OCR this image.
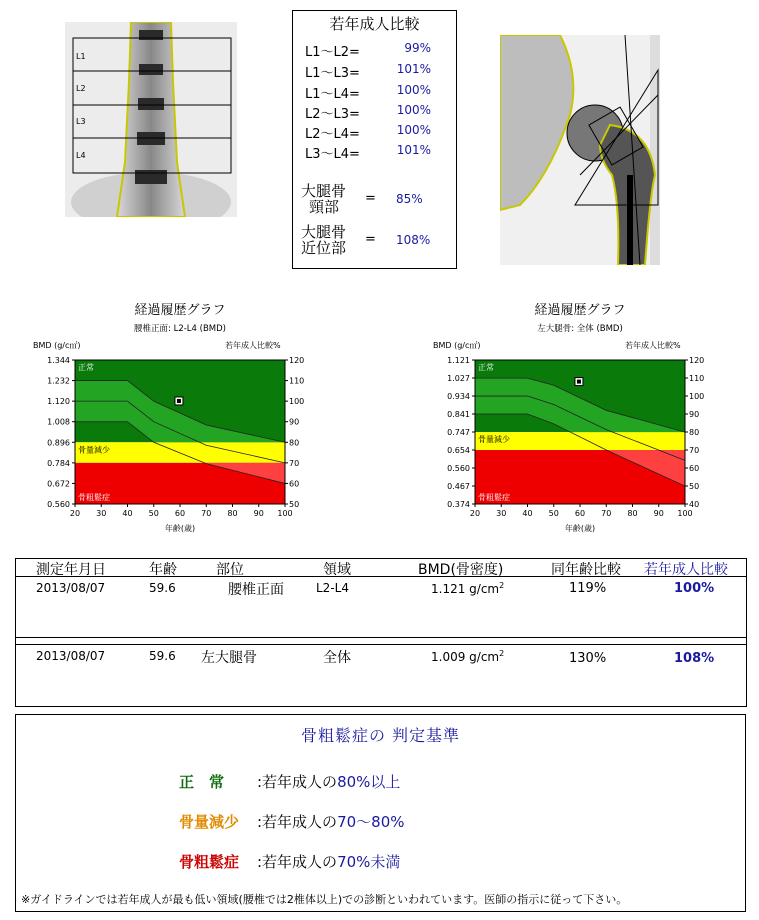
L1
L2
L3
L4
若年成人比較
L1～L2=	99%
L1～L3=	101%
L1～L4=	100%
L2～L3=	100%
L2～L4=	100%
L3～L4=	101%
大腿骨
頸部	= 85%
大腿骨
近位部	= 108%
経過履歴グラフ
腰椎正面: L2-L4 (BMD)
BMD (g/c㎡)	若年成人比較%
正常
骨量減少
骨粗鬆症
1.344
1.232
1.120
1.008
0.896
0.784
0.672
0.560
120
110
100
90
80
70
60
50
20 30 40 50 60 70 80 90 100
年齢(歳)
経過履歴グラフ
左大腿骨: 全体 (BMD)
BMD (g/c㎡)	若年成人比較%
正常
骨量減少
骨粗鬆症
1.121
1.027
0.934
0.841
0.747
0.654
0.560
0.467
0.374
120
110
100
90
80
70
60
50
40
20 30 40 50 60 70 80 90 100
年齢(歳)
測定年月日	年齢	部位	領域	BMD(骨密度)	同年齢比較 若年成人比較
2013/08/07	59.6	腰椎正面	L2-L4	1.121 $g/cm^2$	119%	100%
2013/08/07	59.6 左大腿骨	全体	1.009 $g/cm^2$	130%	108%
骨粗鬆症の 判定基準
正　常 :若年成人の80%以上
骨量減少 :若年成人の70～80%
骨粗鬆症 :若年成人の70%未満
※ガイドラインでは若年成人が最も低い領域(腰椎では2椎体以上)での診断といわれています。医師の指示に従って下さい。
